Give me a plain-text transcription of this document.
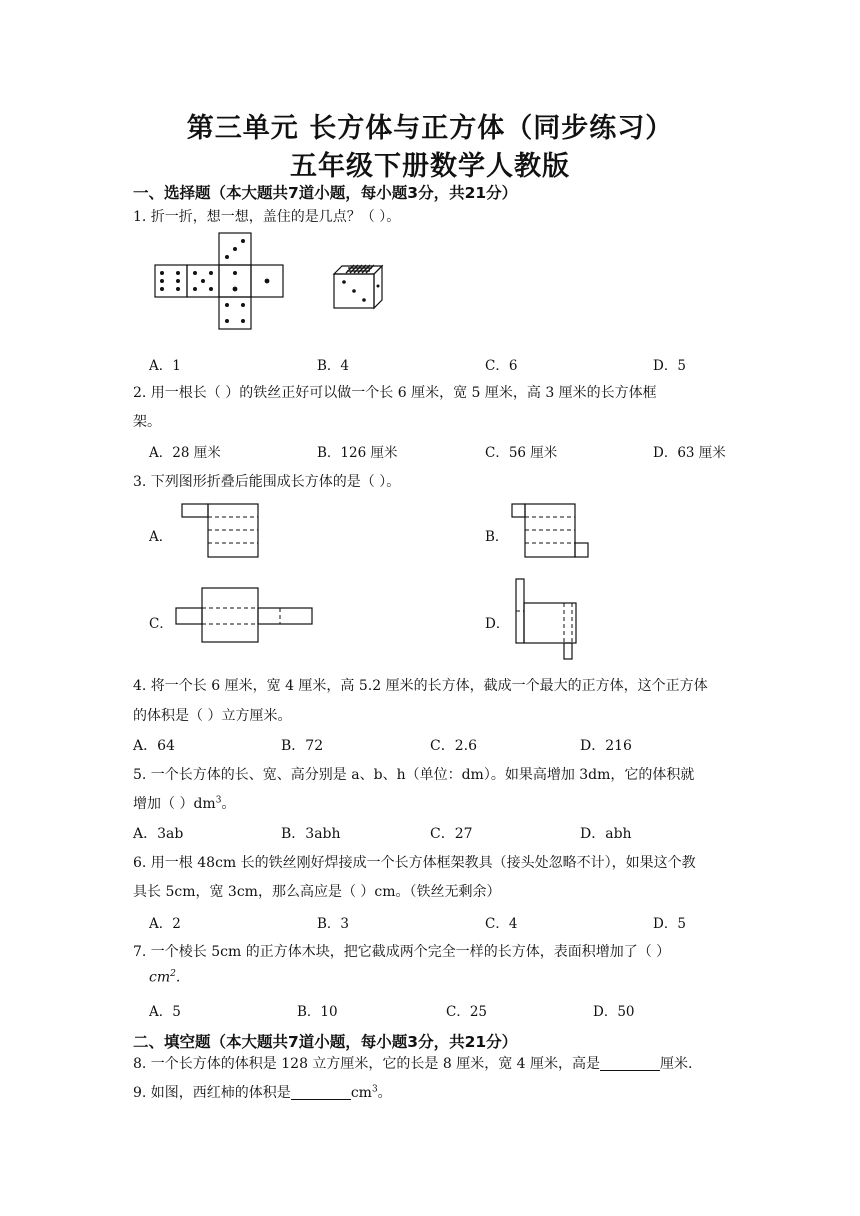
第三单元 长方体与正方体（同步练习）
五年级下册数学人教版
一、选择题（本大题共7道小题，每小题3分，共21分）
1. 折一折，想一想，盖住的是几点？（ ）。
A．1	B．4	C．6	D．5
2. 用一根长（ ）的铁丝正好可以做一个长 6 厘米，宽 5 厘米，高 3 厘米的长方体框
架。
A．28 厘米	B．126 厘米	C．56 厘米	D．63 厘米
3. 下列图形折叠后能围成长方体的是（ ）。
A．	B．
C．	D．
4. 将一个长 6 厘米，宽 4 厘米，高 5.2 厘米的长方体，截成一个最大的正方体，这个正方体
的体积是（ ）立方厘米。
A．64	B．72	C．2.6	D．216
5. 一个长方体的长、宽、高分别是 a、b、h（单位：dm）。如果高增加 3dm，它的体积就
增加（ ）$dm^3$。
A．3ab	B．3abh	C．27	D．abh
6. 用一根 48cm 长的铁丝刚好焊接成一个长方体框架教具（接头处忽略不计），如果这个教
具长 5cm，宽 3cm，那么高应是（ ）cm。（铁丝无剩余）
A．2	B．3	C．4	D．5
7. 一个棱长 5cm 的正方体木块，把它截成两个完全一样的长方体，表面积增加了（ ）
$cm^2$.
A．5	B．10	C．25	D．50
二、填空题（本大题共7道小题，每小题3分，共21分）
8. 一个长方体的体积是 128 立方厘米，它的长是 8 厘米，宽 4 厘米，高是	厘米.
9. 如图，西红柿的体积是	$cm^3$。
